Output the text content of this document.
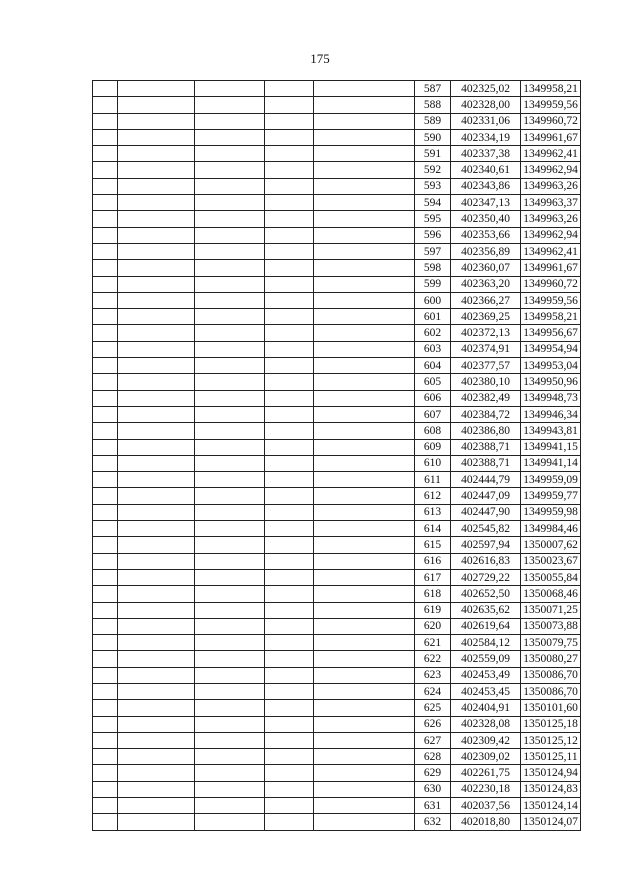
175
					587	402325,02	1349958,21
					588	402328,00	1349959,56
					589	402331,06	1349960,72
					590	402334,19	1349961,67
					591	402337,38	1349962,41
					592	402340,61	1349962,94
					593	402343,86	1349963,26
					594	402347,13	1349963,37
					595	402350,40	1349963,26
					596	402353,66	1349962,94
					597	402356,89	1349962,41
					598	402360,07	1349961,67
					599	402363,20	1349960,72
					600	402366,27	1349959,56
					601	402369,25	1349958,21
					602	402372,13	1349956,67
					603	402374,91	1349954,94
					604	402377,57	1349953,04
					605	402380,10	1349950,96
					606	402382,49	1349948,73
					607	402384,72	1349946,34
					608	402386,80	1349943,81
					609	402388,71	1349941,15
					610	402388,71	1349941,14
					611	402444,79	1349959,09
					612	402447,09	1349959,77
					613	402447,90	1349959,98
					614	402545,82	1349984,46
					615	402597,94	1350007,62
					616	402616,83	1350023,67
					617	402729,22	1350055,84
					618	402652,50	1350068,46
					619	402635,62	1350071,25
					620	402619,64	1350073,88
					621	402584,12	1350079,75
					622	402559,09	1350080,27
					623	402453,49	1350086,70
					624	402453,45	1350086,70
					625	402404,91	1350101,60
					626	402328,08	1350125,18
					627	402309,42	1350125,12
					628	402309,02	1350125,11
					629	402261,75	1350124,94
					630	402230,18	1350124,83
					631	402037,56	1350124,14
					632	402018,80	1350124,07
